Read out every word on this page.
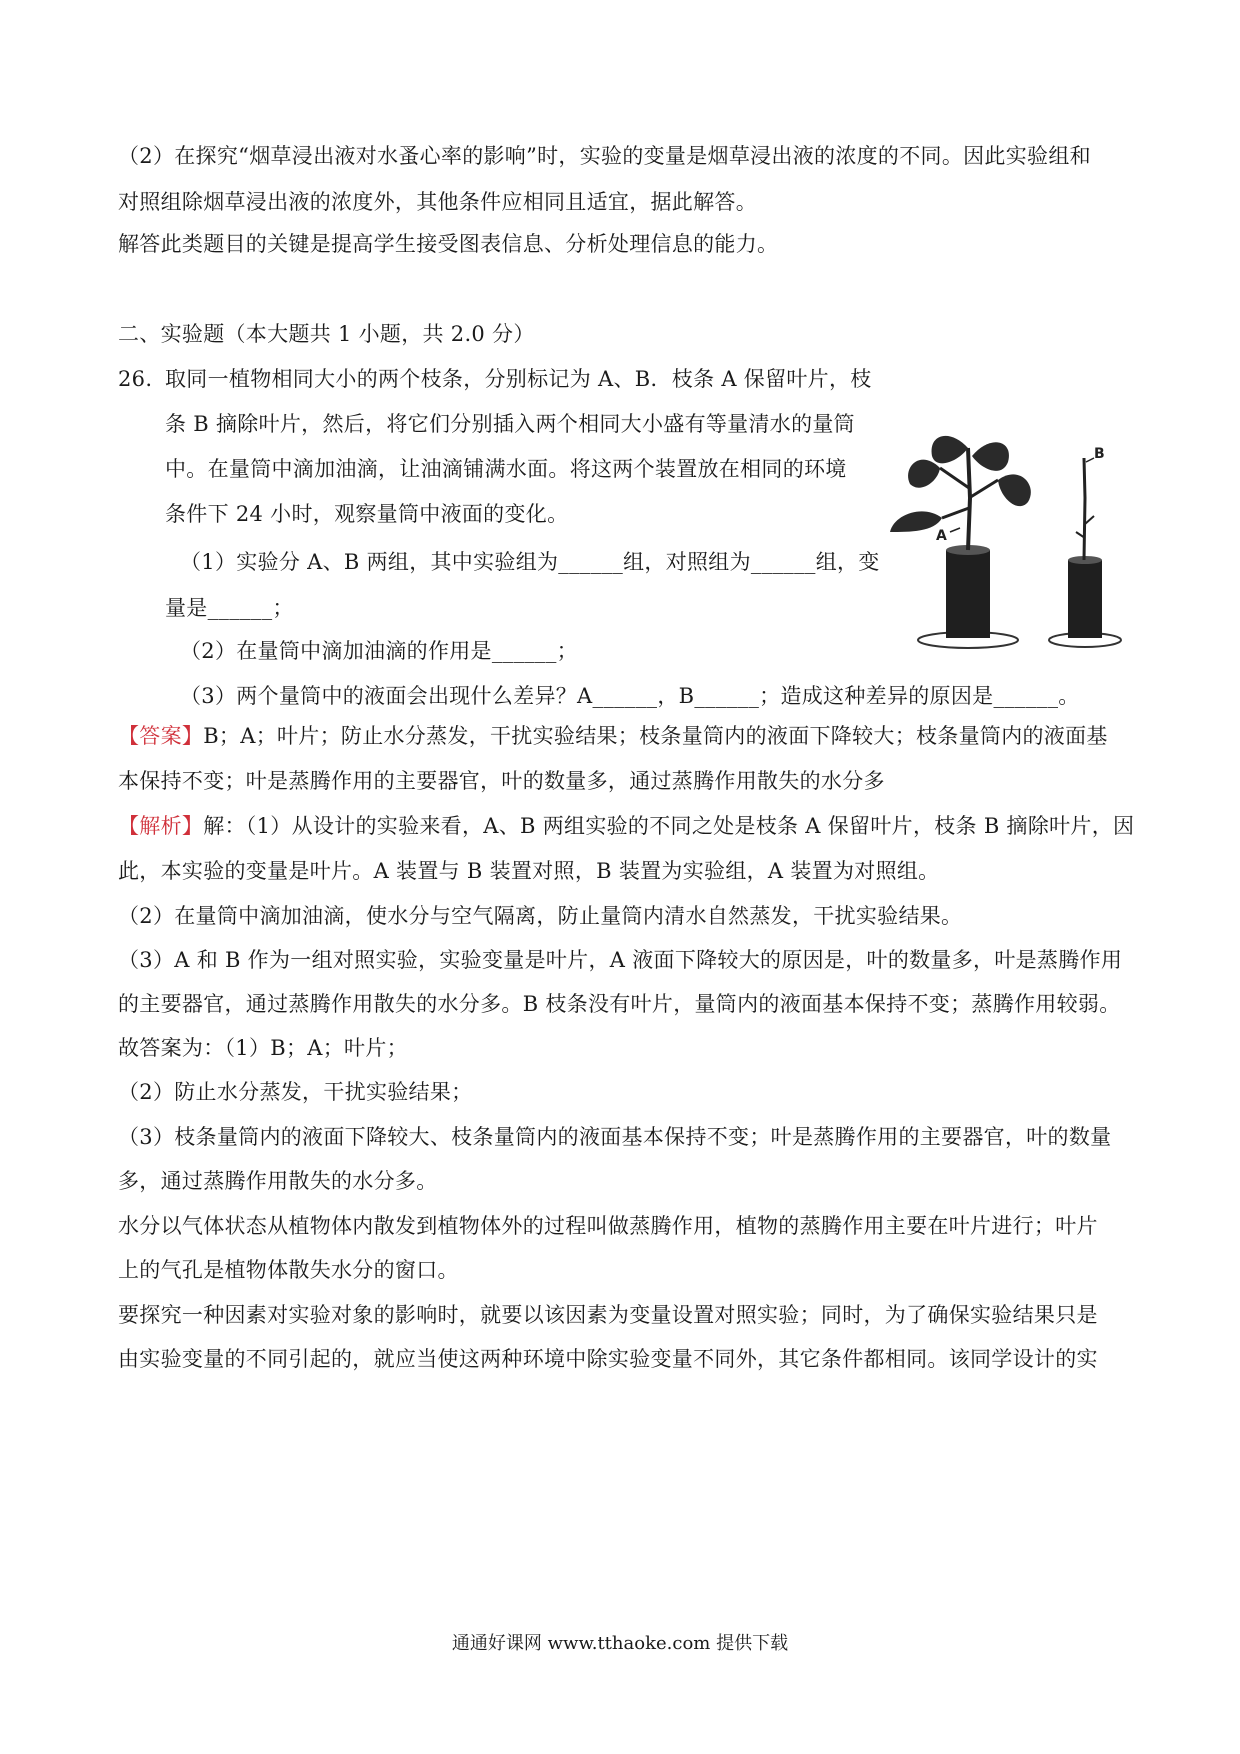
（2）在探究“烟草浸出液对水蚤心率的影响”时，实验的变量是烟草浸出液的浓度的不同。因此实验组和
对照组除烟草浸出液的浓度外，其他条件应相同且适宜，据此解答。
解答此类题目的关键是提高学生接受图表信息、分析处理信息的能力。
二、实验题（本大题共 1 小题，共 2.0 分）
26. 取同一植物相同大小的两个枝条，分别标记为 A、B．枝条 A 保留叶片，枝
条 B 摘除叶片，然后，将它们分别插入两个相同大小盛有等量清水的量筒
中。在量筒中滴加油滴，让油滴铺满水面。将这两个装置放在相同的环境
条件下 24 小时，观察量筒中液面的变化。
（1）实验分 A、B 两组，其中实验组为______组，对照组为______组，变
量是______；
（2）在量筒中滴加油滴的作用是______；
（3）两个量筒中的液面会出现什么差异？A______，B______；造成这种差异的原因是______。
A
B
【答案】B；A；叶片；防止水分蒸发，干扰实验结果；枝条量筒内的液面下降较大；枝条量筒内的液面基
本保持不变；叶是蒸腾作用的主要器官，叶的数量多，通过蒸腾作用散失的水分多
【解析】解：（1）从设计的实验来看，A、B 两组实验的不同之处是枝条 A 保留叶片，枝条 B 摘除叶片，因
此，本实验的变量是叶片。A 装置与 B 装置对照，B 装置为实验组，A 装置为对照组。
（2）在量筒中滴加油滴，使水分与空气隔离，防止量筒内清水自然蒸发，干扰实验结果。
（3）A 和 B 作为一组对照实验，实验变量是叶片，A 液面下降较大的原因是，叶的数量多，叶是蒸腾作用
的主要器官，通过蒸腾作用散失的水分多。B 枝条没有叶片，量筒内的液面基本保持不变；蒸腾作用较弱。
故答案为：（1）B；A；叶片；
（2）防止水分蒸发，干扰实验结果；
（3）枝条量筒内的液面下降较大、枝条量筒内的液面基本保持不变；叶是蒸腾作用的主要器官，叶的数量
多，通过蒸腾作用散失的水分多。
水分以气体状态从植物体内散发到植物体外的过程叫做蒸腾作用，植物的蒸腾作用主要在叶片进行；叶片
上的气孔是植物体散失水分的窗口。
要探究一种因素对实验对象的影响时，就要以该因素为变量设置对照实验；同时，为了确保实验结果只是
由实验变量的不同引起的，就应当使这两种环境中除实验变量不同外，其它条件都相同。该同学设计的实
通通好课网 www.tthaoke.com 提供下载
